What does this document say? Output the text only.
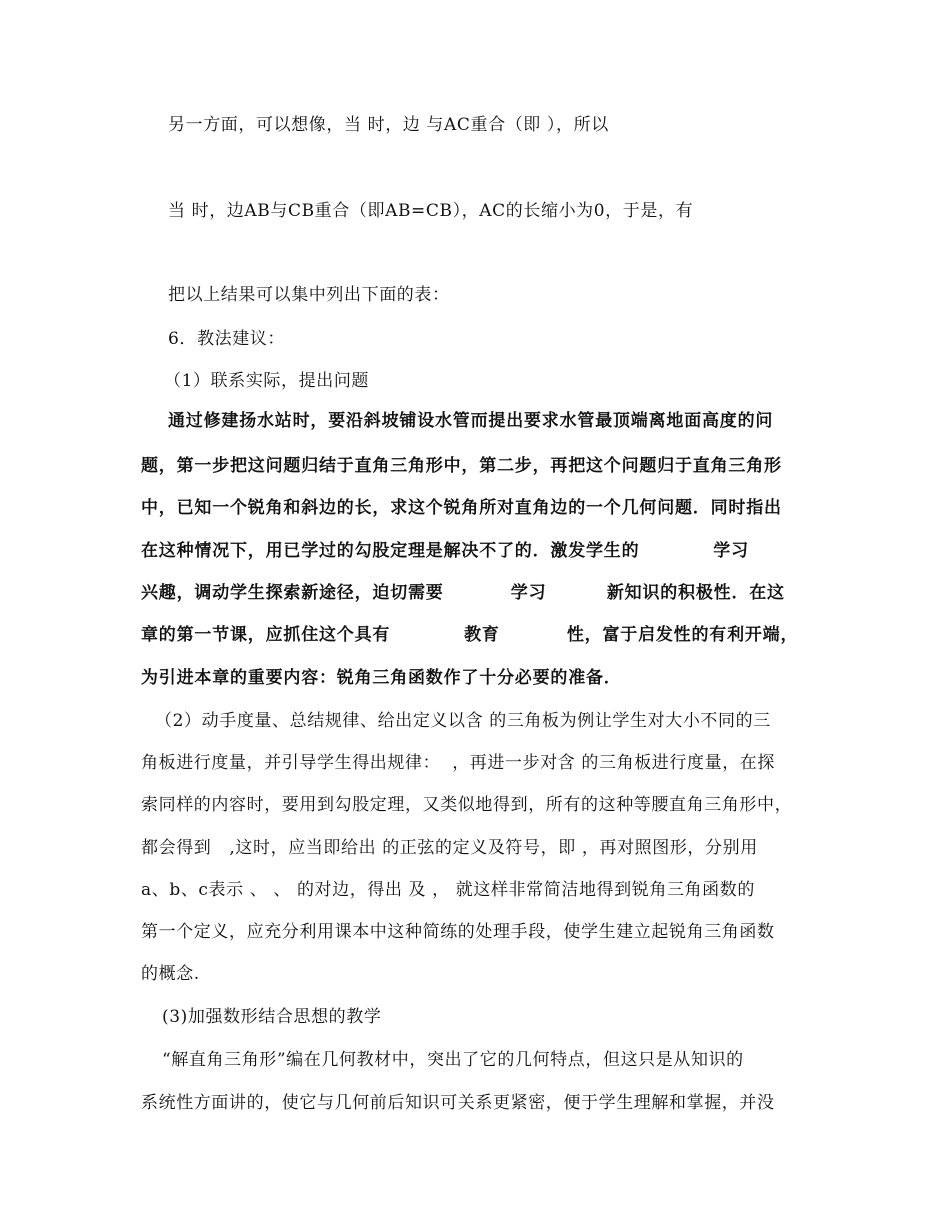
另一方面，可以想像，当 时，边 与AC重合（即 ），所以
当 时，边AB与CB重合（即AB=CB），AC的长缩小为0，于是，有
把以上结果可以集中列出下面的表：
6．教法建议：
（1）联系实际，提出问题
通过修建扬水站时，要沿斜坡铺设水管而提出要求水管最顶端离地面高度的问
题，第一步把这问题归结于直角三角形中，第二步，再把这个问题归于直角三角形
中，已知一个锐角和斜边的长，求这个锐角所对直角边的一个几何问题．同时指出
在这种情况下，用已学过的勾股定理是解决不了的．激发学生的           学习
兴趣，调动学生探索新途径，迫切需要          学习         新知识的积极性．在这
章的第一节课，应抓住这个具有           教育          性，富于启发性的有利开端，
为引进本章的重要内容：锐角三角函数作了十分必要的准备．
（2）动手度量、总结规律、给出定义以含 的三角板为例让学生对大小不同的三
角板进行度量，并引导学生得出规律：  ，再进一步对含 的三角板进行度量，在探
索同样的内容时，要用到勾股定理，又类似地得到，所有的这种等腰直角三角形中，
都会得到   ,这时，应当即给出 的正弦的定义及符号，即 ，再对照图形，分别用
a、b、c表示 、 、 的对边，得出 及 ， 就这样非常简洁地得到锐角三角函数的
第一个定义，应充分利用课本中这种简练的处理手段，使学生建立起锐角三角函数
的概念.
(3)加强数形结合思想的教学
“解直角三角形”编在几何教材中，突出了它的几何特点，但这只是从知识的
系统性方面讲的，使它与几何前后知识可关系更紧密，便于学生理解和掌握，并没
